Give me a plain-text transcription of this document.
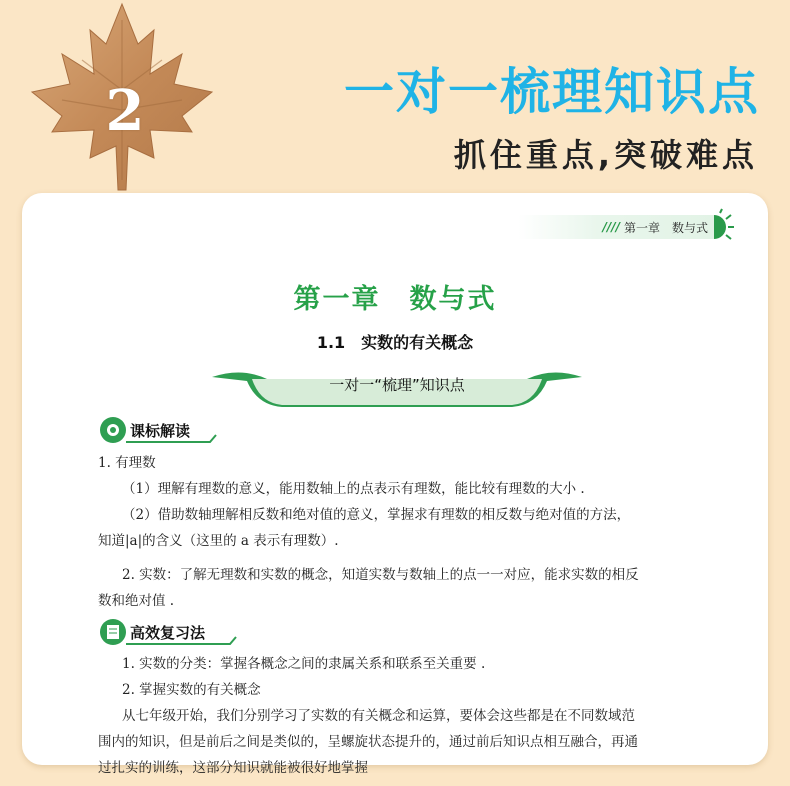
2	一对一梳理知识点
抓住重点,突破难点
//// 第一章　数与式
第一章　数与式
1.1　实数的有关概念
一对一“梳理”知识点
课标解读

1. 有理数

（1）理解有理数的意义，能用数轴上的点表示有理数，能比较有理数的大小 .

（2）借助数轴理解相反数和绝对值的意义，掌握求有理数的相反数与绝对值的方法，

知道|a|的含义（这里的 a 表示有理数）.

2. 实数：了解无理数和实数的概念，知道实数与数轴上的点一一对应，能求实数的相反

数和绝对值 .

高效复习法

1. 实数的分类：掌握各概念之间的隶属关系和联系至关重要 .

2. 掌握实数的有关概念

从七年级开始，我们分别学习了实数的有关概念和运算，要体会这些都是在不同数域范

围内的知识，但是前后之间是类似的，呈螺旋状态提升的，通过前后知识点相互融合，再通

过扎实的训练，这部分知识就能被很好地掌握
